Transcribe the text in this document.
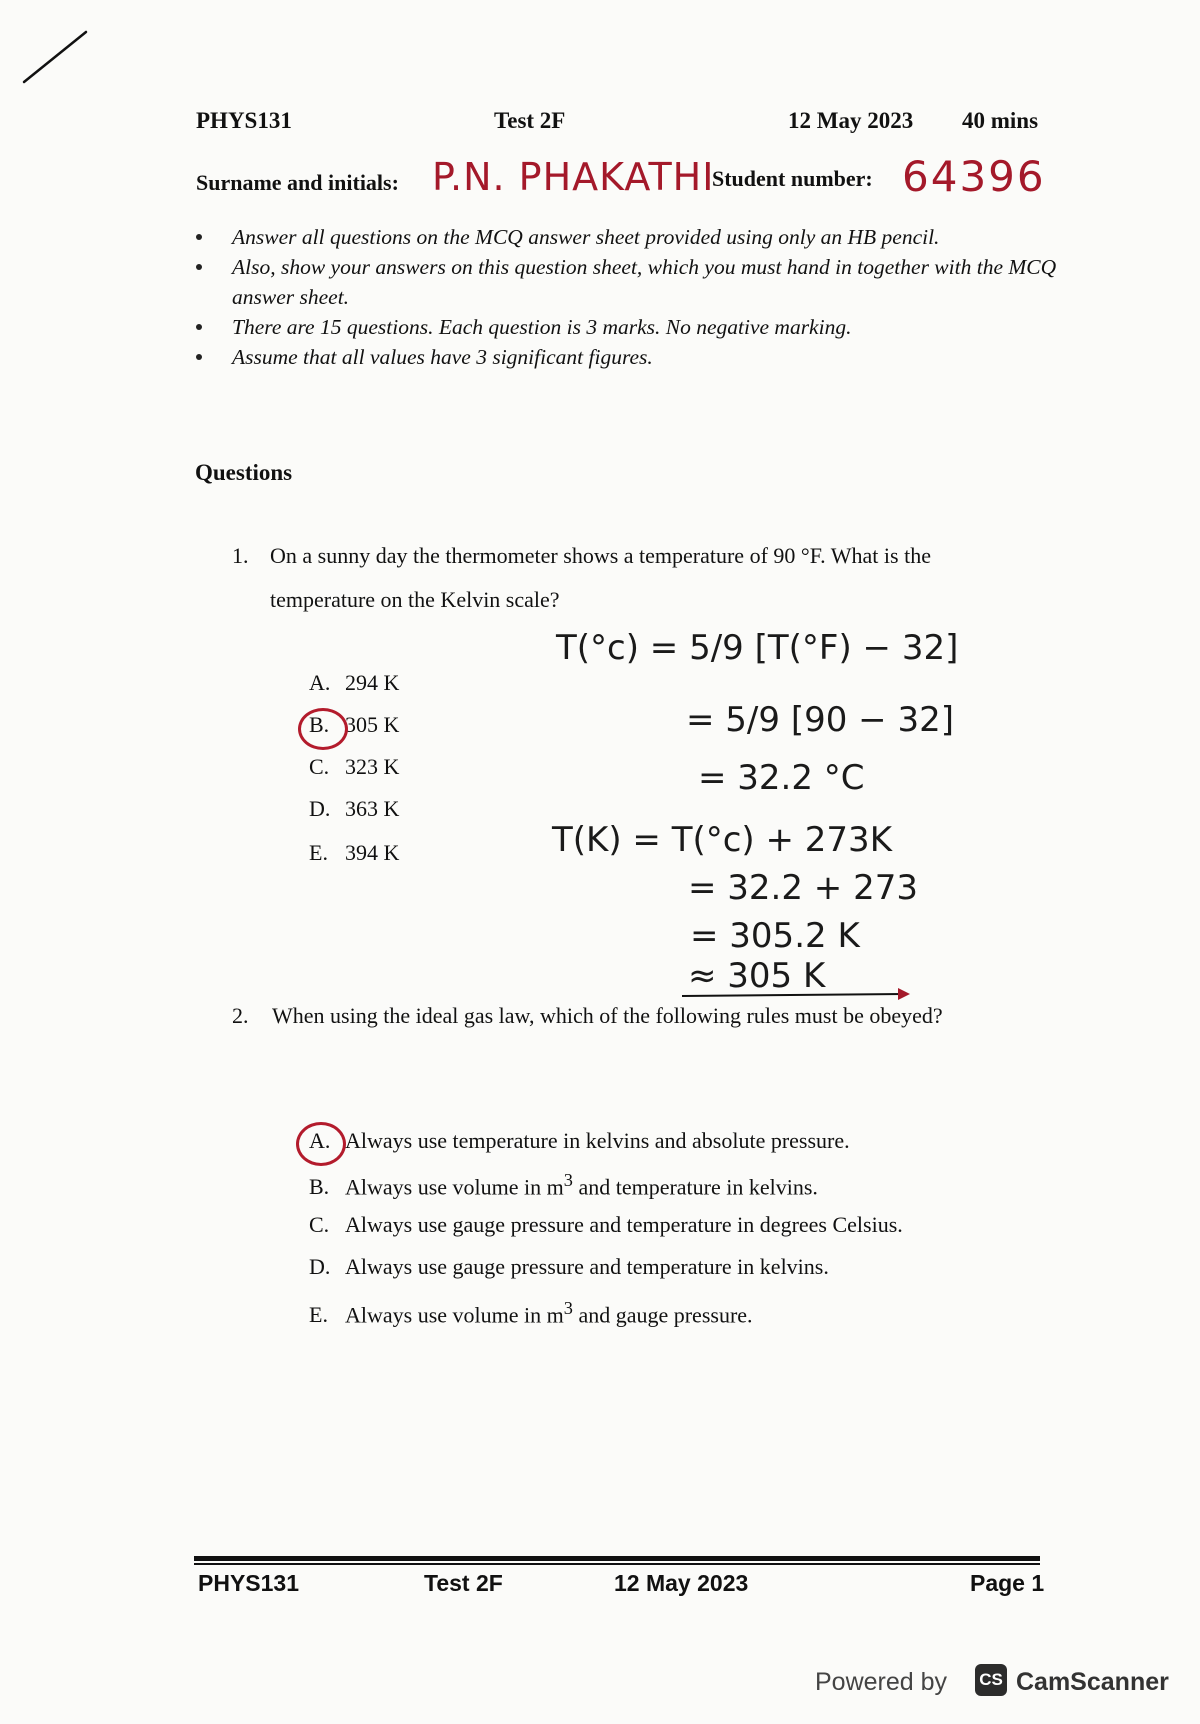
PHYS131	Test 2F	12 May 2023 40 mins
Surname and initials: P.N. PHAKATHI
Student number: 64396
Answer all questions on the MCQ answer sheet provided using only an HB pencil.
Also, show your answers on this question sheet, which you must hand in together with the MCQ answer sheet.
There are 15 questions. Each question is 3 marks. No negative marking.
Assume that all values have 3 significant figures.
Questions
1. On a sunny day the thermometer shows a temperature of 90 °F. What is the
temperature on the Kelvin scale?
A. 294 K
B. 305 K
C. 323 K
D. 363 K
E. 394 K
T(°c) = 5/9 [T(°F) − 32]
= 5/9 [90 − 32]
= 32.2 °C
T(K) = T(°c) + 273K
= 32.2 + 273
= 305.2 K
≈ 305 K
2. When using the ideal gas law, which of the following rules must be obeyed?
A. Always use temperature in kelvins and absolute pressure.
B. Always use volume in $m^3$ and temperature in kelvins.
C. Always use gauge pressure and temperature in degrees Celsius.
D. Always use gauge pressure and temperature in kelvins.
E. Always use volume in $m^3$ and gauge pressure.
PHYS131	Test 2F	12 May 2023	Page 1
Powered by CS CamScanner
